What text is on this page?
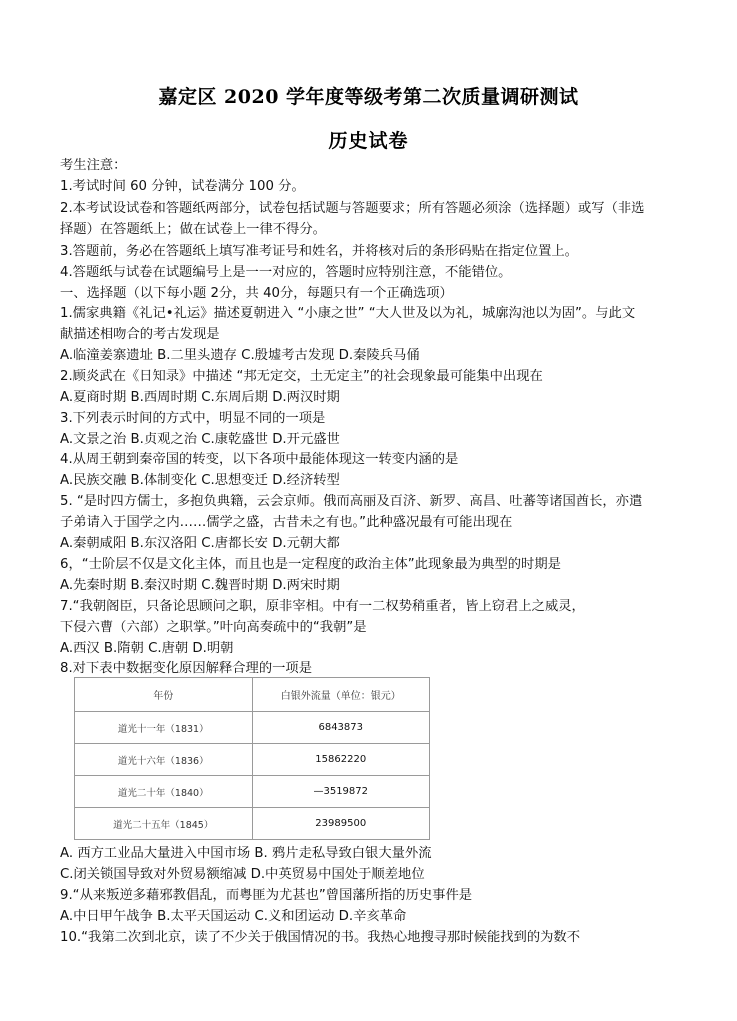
嘉定区 2020 学年度等级考第二次质量调研测试
历史试卷
考生注意：
1.考试时间 60 分钟，试卷满分 100 分。
2.本考试设试卷和答题纸两部分，试卷包括试题与答题要求；所有答题必须涂（选择题）或写（非选
择题）在答题纸上；做在试卷上一律不得分。
3.答题前，务必在答题纸上填写准考证号和姓名，并将核对后的条形码贴在指定位置上。
4.答题纸与试卷在试题编号上是一一对应的，答题时应特别注意，不能错位。
一、选择题（以下每小题 2分，共 40分，每题只有一个正确选项）
1.儒家典籍《礼记•礼运》描述夏朝进入 “小康之世” “大人世及以为礼，城廓沟池以为固”。与此文
献描述相吻合的考古发现是
A.临潼姜寨遗址 B.二里头遗存 C.殷墟考古发现 D.秦陵兵马俑
2.顾炎武在《日知录》中描述 “邦无定交，土无定主”的社会现象最可能集中出现在
A.夏商时期 B.西周时期 C.东周后期 D.两汉时期
3.下列表示时间的方式中，明显不同的一项是
A.文景之治 B.贞观之治 C.康乾盛世 D.开元盛世
4.从周王朝到秦帝国的转变，以下各项中最能体现这一转变内涵的是
A.民族交融 B.体制变化 C.思想变迁 D.经济转型
5. “是时四方儒士，多抱负典籍，云会京师。俄而高丽及百济、新罗、高昌、吐蕃等诸国酋长，亦遣
子弟请入于国学之内……儒学之盛，古昔未之有也。”此种盛况最有可能出现在
A.秦朝咸阳 B.东汉洛阳 C.唐都长安 D.元朝大都
6，“士阶层不仅是文化主体，而且也是一定程度的政治主体”此现象最为典型的时期是
A.先秦时期 B.秦汉时期 C.魏晋时期 D.两宋时期
7.“我朝阁臣，只备论思顾问之职，原非宰相。中有一二权势稍重者，皆上窃君上之威灵，
下侵六曹（六部）之职掌。”叶向高奏疏中的“我朝”是
A.西汉 B.隋朝 C.唐朝 D.明朝
8.对下表中数据变化原因解释合理的一项是
年份	白银外流量（单位：银元）
道光十一年（1831）	6843873
道光十六年（1836）	15862220
道光二十年（1840）	—3519872
道光二十五年（1845）	23989500
A. 西方工业品大量进入中国市场 B. 鸦片走私导致白银大量外流
C.闭关锁国导致对外贸易额缩减 D.中英贸易中国处于顺差地位
9.“从来叛逆多藉邪教倡乱，而粤匪为尤甚也”曾国藩所指的历史事件是
A.中日甲午战争 B.太平天国运动 C.义和团运动 D.辛亥革命
10.“我第二次到北京，读了不少关于俄国情况的书。我热心地搜寻那时候能找到的为数不
